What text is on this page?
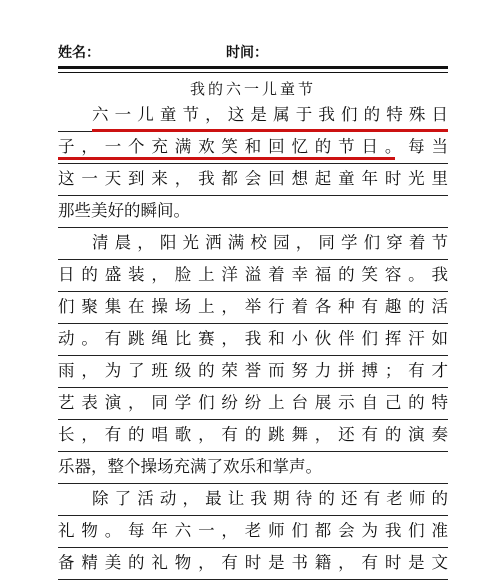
姓名：	时间：
我的六一儿童节
六一儿童节，这是属于我们的特殊日
子，一个充满欢笑和回忆的节日。每当
这一天到来，我都会回想起童年时光里
那些美好的瞬间。
清晨，阳光洒满校园，同学们穿着节
日的盛装，脸上洋溢着幸福的笑容。我
们聚集在操场上，举行着各种有趣的活
动。有跳绳比赛，我和小伙伴们挥汗如
雨，为了班级的荣誉而努力拼搏；有才
艺表演，同学们纷纷上台展示自己的特
长，有的唱歌，有的跳舞，还有的演奏
乐器，整个操场充满了欢乐和掌声。
除了活动，最让我期待的还有老师的
礼物。每年六一，老师们都会为我们准
备精美的礼物，有时是书籍，有时是文
